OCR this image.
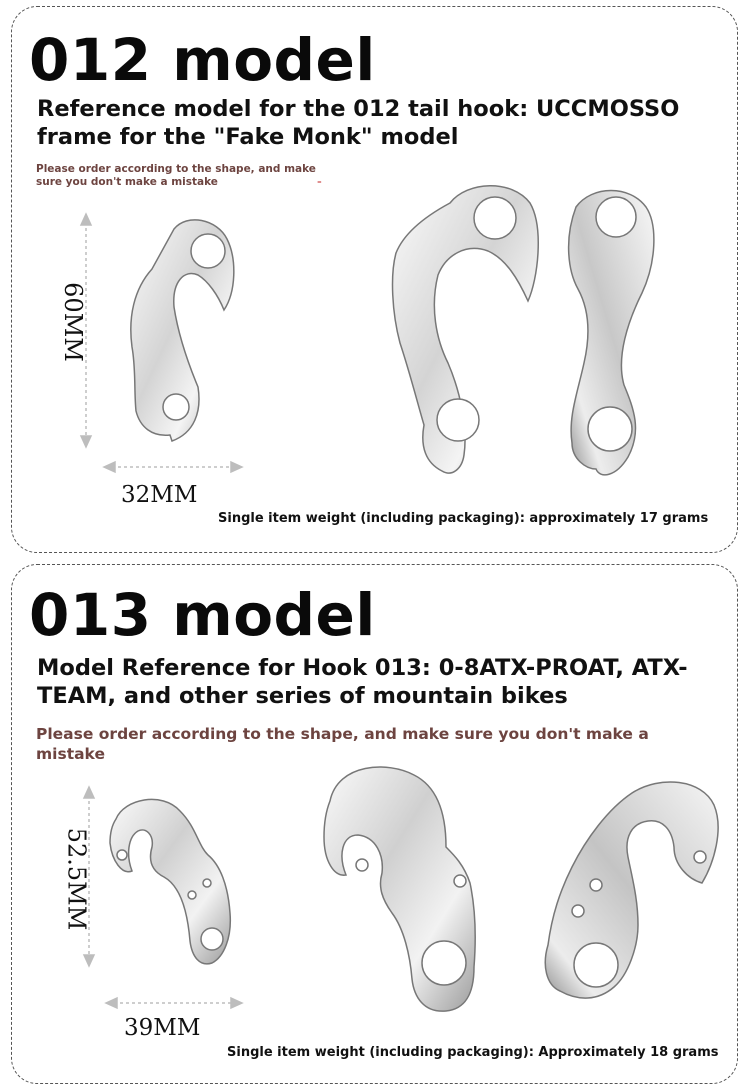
012 model
Reference model for the 012 tail hook: UCCMOSSO frame for the "Fake Monk" model
Please order according to the shape, and make sure you don't make a mistake	⁼
60MM
32MM
Single item weight (including packaging): approximately 17 grams
013 model
Model Reference for Hook 013: 0-8ATX-PROAT, ATX-TEAM, and other series of mountain bikes
Please order according to the shape, and make sure you don't make a mistake
52.5MM
39MM
Single item weight (including packaging): Approximately 18 grams
